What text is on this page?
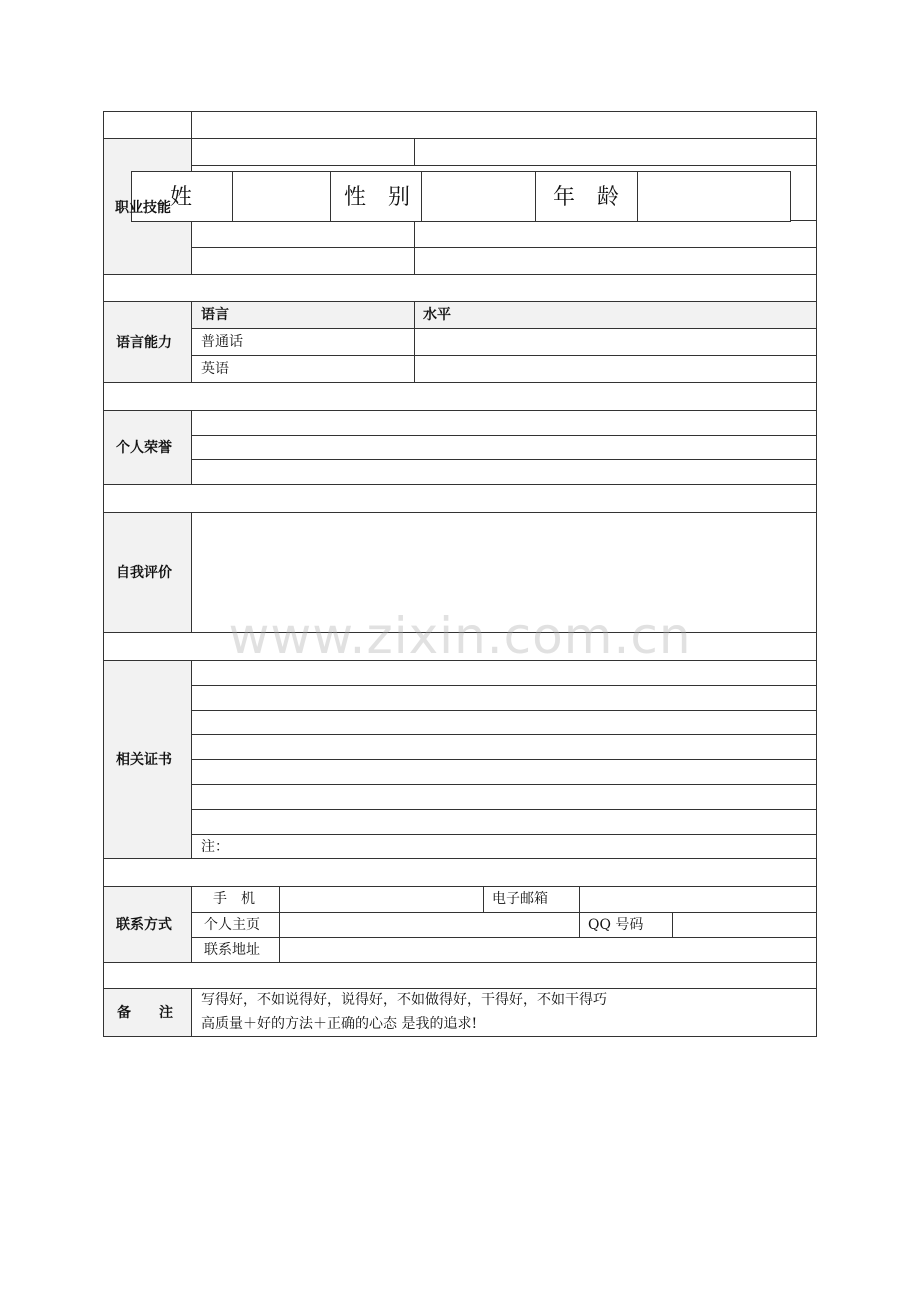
职业技能 姓	性　别	年　龄
语言能力
语言	水平
普通话
英语
个人荣誉
自我评价
www.zixin.com.cn
相关证书
注：
联系方式
手　机	电子邮箱
个人主页	QQ 号码
联系地址
备　　注
写得好，不如说得好，说得好，不如做得好，干得好，不如干得巧
高质量＋好的方法＋正确的心态 是我的追求!
